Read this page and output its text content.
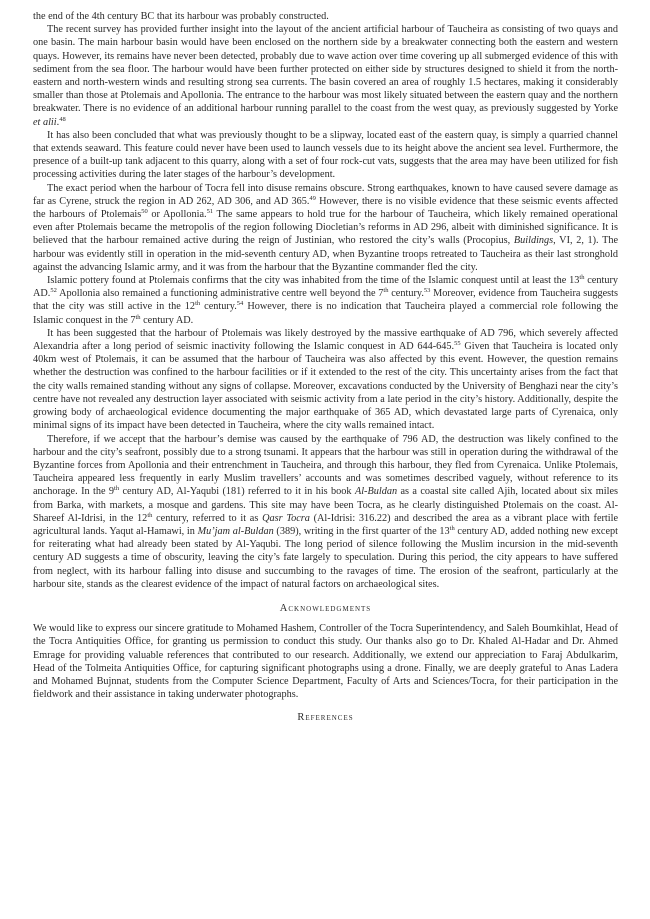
the end of the 4th century BC that its harbour was probably constructed.

The recent survey has provided further insight into the layout of the ancient artificial harbour of Taucheira as consisting of two quays and one basin. The main harbour basin would have been enclosed on the northern side by a breakwater connecting both the eastern and western quays. However, its remains have never been detected, probably due to wave action over time covering up all submerged evidence of this with sediment from the sea floor. The harbour would have been further protected on either side by structures designed to shield it from the north-eastern and north-western winds and resulting strong sea currents. The basin covered an area of roughly 1.5 hectares, making it considerably smaller than those at Ptolemais and Apollonia. The entrance to the harbour was most likely situated between the eastern quay and the northern breakwater. There is no evidence of an additional harbour running parallel to the coast from the west quay, as previously suggested by Yorke et alii.$^{48}$

It has also been concluded that what was previously thought to be a slipway, located east of the eastern quay, is simply a quarried channel that extends seaward. This feature could never have been used to launch vessels due to its height above the ancient sea level. Furthermore, the presence of a built-up tank adjacent to this quarry, along with a set of four rock-cut vats, suggests that the area may have been utilized for fish processing activities during the later stages of the harbour’s development.

The exact period when the harbour of Tocra fell into disuse remains obscure. Strong earthquakes, known to have caused severe damage as far as Cyrene, struck the region in AD 262, AD 306, and AD 365.49 However, there is no visible evidence that these seismic events affected the harbours of Ptolemais$^{50}$ or Apollonia.$^{51}$ The same appears to hold true for the harbour of Taucheira, which likely remained operational even after Ptolemais became the metropolis of the region following Diocletian’s reforms in AD 296, albeit with diminished significance. It is believed that the harbour remained active during the reign of Justinian, who restored the city’s walls (Procopius, Buildings, VI, 2, 1). The harbour was evidently still in operation in the mid-seventh century AD, when Byzantine troops retreated to Taucheira as their last stronghold against the advancing Islamic army, and it was from the harbour that the Byzantine commander fled the city.

Islamic pottery found at Ptolemais confirms that the city was inhabited from the time of the Islamic conquest until at least the 13th century AD.$^{52}$ Apollonia also remained a functioning administrative centre well beyond the 7th century.$^{53}$ Moreover, evidence from Taucheira suggests that the city was still active in the 12th century.$^{54}$ However, there is no indication that Taucheira played a commercial role following the Islamic conquest in the 7th century AD.

It has been suggested that the harbour of Ptolemais was likely destroyed by the massive earthquake of AD 796, which severely affected Alexandria after a long period of seismic inactivity following the Islamic conquest in AD 644-645.55 Given that Taucheira is located only 40km west of Ptolemais, it can be assumed that the harbour of Taucheira was also affected by this event. However, the question remains whether the destruction was confined to the harbour facilities or if it extended to the rest of the city. This uncertainty arises from the fact that the city walls remained standing without any signs of collapse. Moreover, excavations conducted by the University of Benghazi near the city’s centre have not revealed any destruction layer associated with seismic activity from a late period in the city’s history. Additionally, despite the growing body of archaeological evidence documenting the major earthquake of 365 AD, which devastated large parts of Cyrenaica, only minimal signs of its impact have been detected in Taucheira, where the city walls remained intact.

Therefore, if we accept that the harbour’s demise was caused by the earthquake of 796 AD, the destruction was likely confined to the harbour and the city’s seafront, possibly due to a strong tsunami. It appears that the harbour was still in operation during the withdrawal of the Byzantine forces from Apollonia and their entrenchment in Taucheira, and through this harbour, they fled from Cyrenaica. Unlike Ptolemais, Taucheira appeared less frequently in early Muslim travellers’ accounts and was sometimes described vaguely, without reference to its anchorage. In the 9th century AD, Al-Yaqubi (181) referred to it in his book Al-Buldan as a coastal site called Ajih, located about six miles from Barka, with markets, a mosque and gardens. This site may have been Tocra, as he clearly distinguished Ptolemais on the coast. Al-Shareef Al-Idrisi, in the 12th century, referred to it as Qasr Tocra (Al-Idrisi: 316.22) and described the area as a vibrant place with fertile agricultural lands. Yaqut al-Hamawi, in Mu’jam al-Buldan (389), writing in the first quarter of the 13th century AD, added nothing new except for reiterating what had already been stated by Al-Yaqubi. The long period of silence following the Muslim incursion in the mid-seventh century AD suggests a time of obscurity, leaving the city’s fate largely to speculation. During this period, the city appears to have suffered from neglect, with its harbour falling into disuse and succumbing to the ravages of time. The erosion of the seafront, particularly at the harbour site, stands as the clearest evidence of the impact of natural factors on archaeological sites.

Acknowledgments

We would like to express our sincere gratitude to Mohamed Hashem, Controller of the Tocra Superintendency, and Saleh Boumkihlat, Head of the Tocra Antiquities Office, for granting us permission to conduct this study. Our thanks also go to Dr. Khaled Al-Hadar and Dr. Ahmed Emrage for providing valuable references that contributed to our research. Additionally, we extend our appreciation to Faraj Abdulkarim, Head of the Tolmeita Antiquities Office, for capturing significant photographs using a drone. Finally, we are deeply grateful to Anas Ladera and Mohamed Bujnnat, students from the Computer Science Department, Faculty of Arts and Sciences/Tocra, for their participation in the fieldwork and their assistance in taking underwater photographs.

References
